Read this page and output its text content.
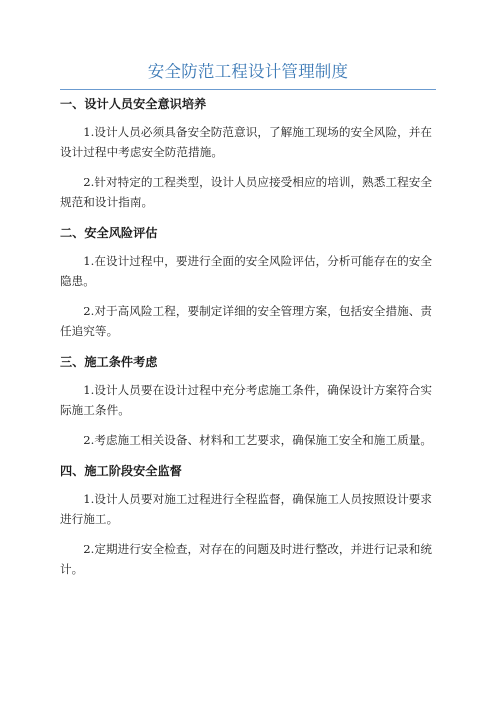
安全防范工程设计管理制度

一、设计人员安全意识培养

1.设计人员必须具备安全防范意识，了解施工现场的安全风险，并在设计过程中考虑安全防范措施。

2.针对特定的工程类型，设计人员应接受相应的培训，熟悉工程安全规范和设计指南。

二、安全风险评估

1.在设计过程中，要进行全面的安全风险评估，分析可能存在的安全隐患。

2.对于高风险工程，要制定详细的安全管理方案，包括安全措施、责任追究等。

三、施工条件考虑

1.设计人员要在设计过程中充分考虑施工条件，确保设计方案符合实际施工条件。

2.考虑施工相关设备、材料和工艺要求，确保施工安全和施工质量。

四、施工阶段安全监督

1.设计人员要对施工过程进行全程监督，确保施工人员按照设计要求进行施工。

2.定期进行安全检查，对存在的问题及时进行整改，并进行记录和统计。
